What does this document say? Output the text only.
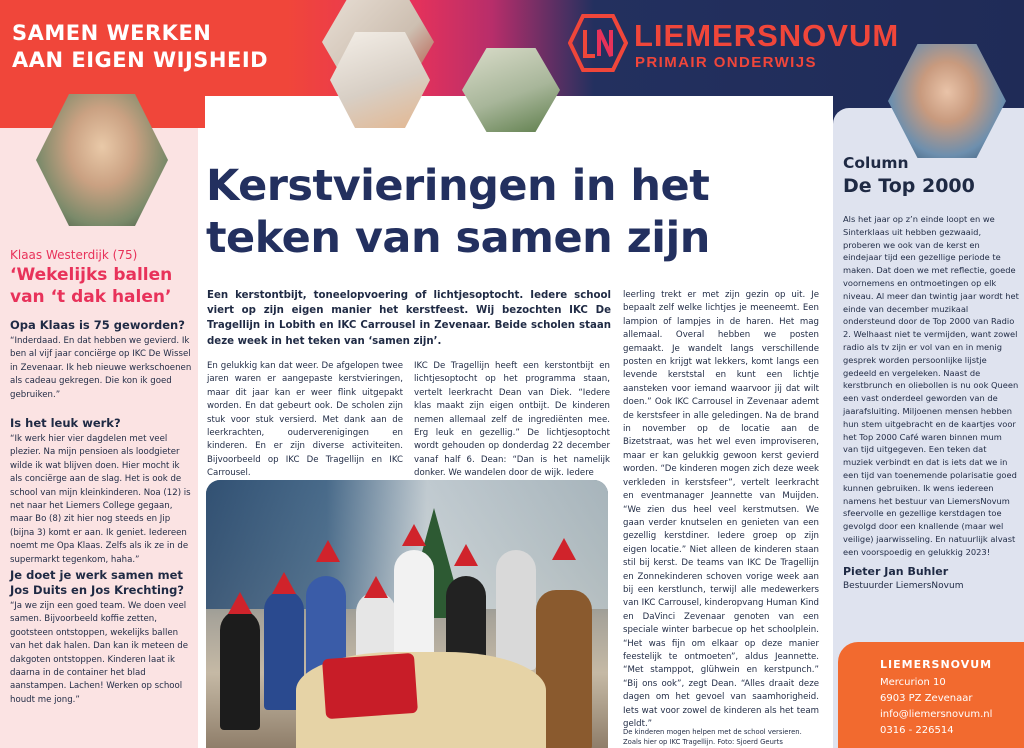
SAMEN WERKEN
AAN EIGEN WIJSHEID
LIEMERSNOVUM
PRIMAIR ONDERWIJS
Klaas Westerdijk (75)
‘Wekelijks ballen
van ‘t dak halen’
Opa Klaas is 75 geworden?
“Inderdaad. En dat hebben we gevierd. Ik ben al vijf jaar conciërge op IKC De Wissel in Zevenaar. Ik heb nieuwe werkschoenen als cadeau gekregen. Die kon ik goed gebruiken.”
Is het leuk werk?
“Ik werk hier vier dagdelen met veel plezier. Na mijn pensioen als loodgieter wilde ik wat blijven doen. Hier mocht ik als conciërge aan de slag. Het is ook de school van mijn kleinkinderen. Noa (12) is net naar het Liemers College gegaan, maar Bo (8) zit hier nog steeds en Jip (bijna 3) komt er aan. Ik geniet. Iedereen noemt me Opa Klaas. Zelfs als ik ze in de supermarkt tegenkom, haha.”
Je doet je werk samen met Jos Duits en Jos Krechting?
“Ja we zijn een goed team. We doen veel samen. Bijvoorbeeld koffie zetten, gootsteen ontstoppen, wekelijks ballen van het dak halen. Dan kan ik meteen de dakgoten ontstoppen. Kinderen laat ik daarna in de container het blad aanstampen. Lachen! Werken op school houdt me jong.”
Kerstvieringen in het
teken van samen zijn
Een kerstontbijt, toneelopvoering of lichtjesoptocht. Iedere school viert op zijn eigen manier het kerstfeest. Wij bezochten IKC De Tragellijn in Lobith en IKC Carrousel in Zevenaar. Beide scholen staan deze week in het teken van ‘samen zijn’.
En gelukkig kan dat weer. De afgelopen twee jaren waren er aangepaste kerstvieringen, maar dit jaar kan er weer flink uitgepakt worden. En dat gebeurt ook. De scholen zijn stuk voor stuk versierd. Met dank aan de leerkrachten, ouderverenigingen en kinderen. En er zijn diverse activiteiten. Bijvoorbeeld op IKC De Tragellijn en IKC Carrousel.
IKC De Tragellijn heeft een kerstontbijt en lichtjesoptocht op het programma staan, vertelt leerkracht Dean van Diek. “Iedere klas maakt zijn eigen ontbijt. De kinderen nemen allemaal zelf de ingrediënten mee. Erg leuk en gezellig.” De lichtjesoptocht wordt gehouden op donderdag 22 december vanaf half 6. Dean: “Dan is het namelijk donker. We wandelen door de wijk. Iedere
leerling trekt er met zijn gezin op uit. Je bepaalt zelf welke lichtjes je meeneemt. Een lampion of lampjes in de haren. Het mag allemaal. Overal hebben we posten gemaakt. Je wandelt langs verschillende posten en krijgt wat lekkers, komt langs een levende kerststal en kunt een lichtje aansteken voor iemand waarvoor jij dat wilt doen.” Ook IKC Carrousel in Zevenaar ademt de kerstsfeer in alle geledingen. Na de brand in november op de locatie aan de Bizetstraat, was het wel even improviseren, maar er kan gelukkig gewoon kerst gevierd worden. “De kinderen mogen zich deze week verkleden in kerstsfeer”, vertelt leerkracht en eventmanager Jeannette van Muijden. “We zien dus heel veel kerstmutsen. We gaan verder knutselen en genieten van een gezellig kerstdiner. Iedere groep op zijn eigen locatie.” Niet alleen de kinderen staan stil bij kerst. De teams van IKC De Tragellijn en Zonnekinderen schoven vorige week aan bij een kerstlunch, terwijl alle medewerkers van IKC Carrousel, kinderopvang Human Kind en DaVinci Zevenaar genoten van een speciale winter barbecue op het schoolplein. “Het was fijn om elkaar op deze manier feestelijk te ontmoeten”, aldus Jeannette. “Met stamppot, glühwein en kerstpunch.” “Bij ons ook”, zegt Dean. “Alles draait deze dagen om het gevoel van saamhorigheid. Iets wat voor zowel de kinderen als het team geldt.”
De kinderen mogen helpen met de school versieren.
Zoals hier op IKC Tragellijn. Foto: Sjoerd Geurts
Column
De Top 2000
Als het jaar op z’n einde loopt en we Sinterklaas uit hebben gezwaaid, proberen we ook van de kerst en eindejaar tijd een gezellige periode te maken. Dat doen we met reflectie, goede voornemens en ontmoetingen op elk niveau. Al meer dan twintig jaar wordt het einde van december muzikaal ondersteund door de Top 2000 van Radio 2. Welhaast niet te vermijden, want zowel radio als tv zijn er vol van en in menig gesprek worden persoonlijke lijstje gedeeld en vergeleken. Naast de kerstbrunch en oliebollen is nu ook Queen een vast onderdeel geworden van de jaarafsluiting. Miljoenen mensen hebben hun stem uitgebracht en de kaartjes voor het Top 2000 Café waren binnen mum van tijd uitgegeven. Een teken dat muziek verbindt en dat is iets dat we in een tijd van toenemende polarisatie goed kunnen gebruiken. Ik wens iedereen namens het bestuur van LiemersNovum sfeervolle en gezellige kerstdagen toe gevolgd door een knallende (maar wel veilige) jaarwisseling. En natuurlijk alvast een voorspoedig en gelukkig 2023!
Pieter Jan Buhler
Bestuurder LiemersNovum
LIEMERSNOVUM
Mercurion 10
6903 PZ Zevenaar
info@liemersnovum.nl
0316 - 226514
